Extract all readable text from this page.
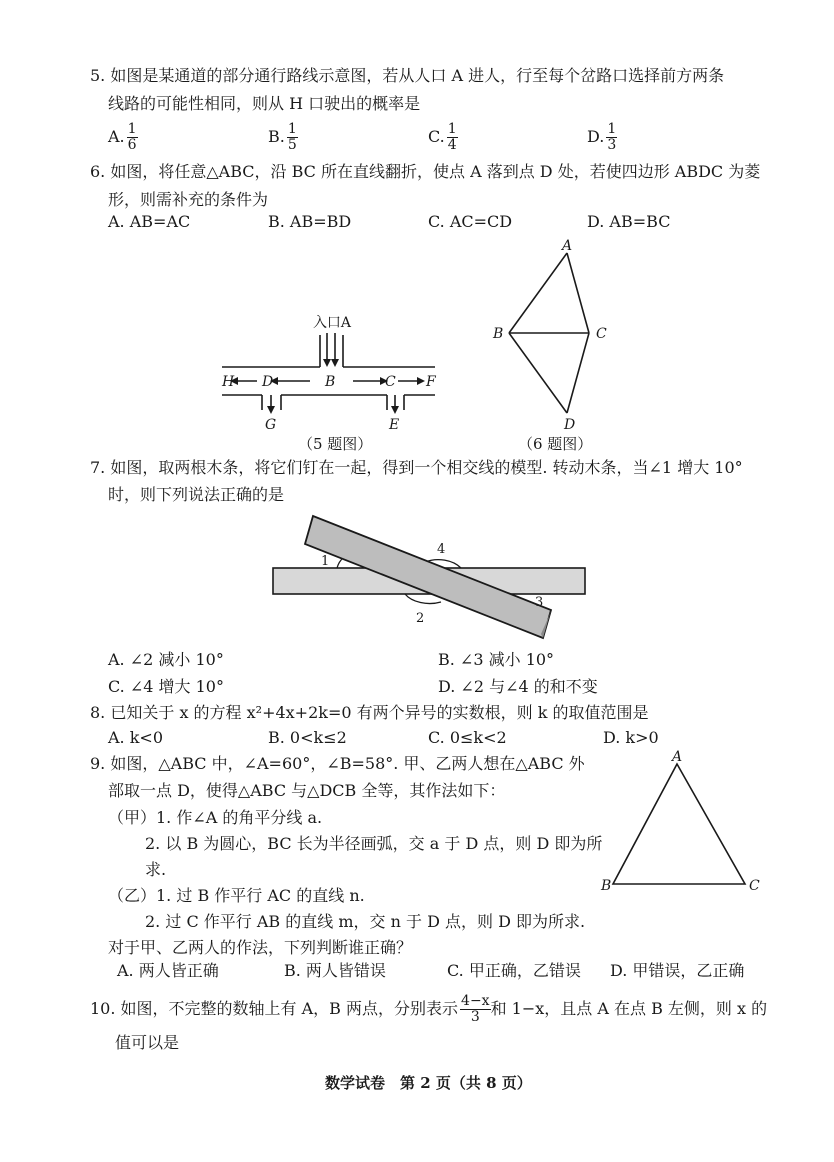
5. 如图是某通道的部分通行路线示意图，若从人口 A 进人，行至每个岔路口选择前方两条
线路的可能性相同，则从 H 口驶出的概率是
A. $\frac{1}{6}$	B. $\frac{1}{5}$	C. $\frac{1}{4}$	D. $\frac{1}{3}$
6. 如图，将任意△ABC，沿 BC 所在直线翻折，使点 A 落到点 D 处，若使四边形 ABDC 为菱
形，则需补充的条件为
A. AB=AC	B. AB=BD	C. AC=CD	D. AB=BC
入口A
H D	B	C F
G	E
（5 题图）
A
B	C
D
（6 题图）
7. 如图，取两根木条，将它们钉在一起，得到一个相交线的模型. 转动木条，当∠1 增大 10°
时，则下列说法正确的是
1
4
2
3
A. ∠2 减小 10°	B. ∠3 减小 10°
C. ∠4 增大 10°	D. ∠2 与∠4 的和不变
8. 已知关于 x 的方程 x²+4x+2k=0 有两个异号的实数根，则 k 的取值范围是
A. k<0	B. 0<k≤2	C. 0≤k<2	D. k>0
9. 如图，△ABC 中，∠A=60°，∠B=58°. 甲、乙两人想在△ABC 外
部取一点 D，使得△ABC 与△DCB 全等，其作法如下：
（甲）1. 作∠A 的角平分线 a.
2. 以 B 为圆心，BC 长为半径画弧，交 a 于 D 点，则 D 即为所
求.
（乙）1. 过 B 作平行 AC 的直线 n.
2. 过 C 作平行 AB 的直线 m，交 n 于 D 点，则 D 即为所求.
对于甲、乙两人的作法，下列判断谁正确？
A
B	C
A. 两人皆正确	B. 两人皆错误	C. 甲正确，乙错误 D. 甲错误，乙正确
10. 如图，不完整的数轴上有 A，B 两点，分别表示 $\frac{4-x}{3}$ 和 1−x，且点 A 在点 B 左侧，则 x 的
值可以是
数学试卷　第 2 页（共 8 页）
